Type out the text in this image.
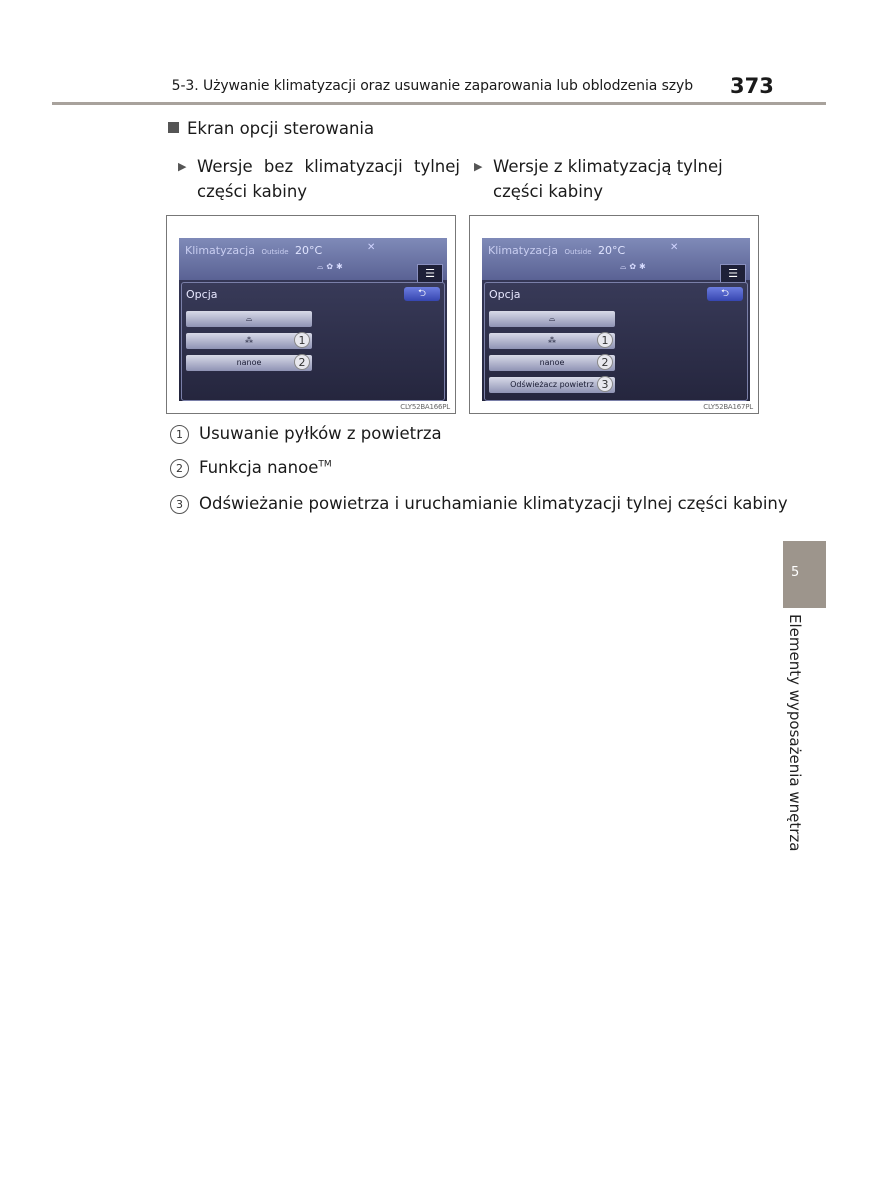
5-3. Używanie klimatyzacji oraz usuwanie zaparowania lub oblodzenia szyb 373
Ekran opcji sterowania
▶ Wersje bez klimatyzacji tylnej części kabiny
▶ Wersje z klimatyzacją tylnej części kabiny
Klimatyzacja Outside 20°C	✕
⌓✿✱
☰
Opcja	⮌
⌓
⁂
nanoe
1
2
CLY52BA166PL
Klimatyzacja Outside 20°C	✕
⌓✿✱
☰
Opcja	⮌
⌓
⁂
nanoe
Odświeżacz powietrz
1
2
3
CLY52BA167PL
1 Usuwanie pyłków z powietrza
2 Funkcja nanoe™
3 Odświeżanie powietrza i uruchamianie klimatyzacji tylnej części kabiny
5
Elementy wyposażenia wnętrza
